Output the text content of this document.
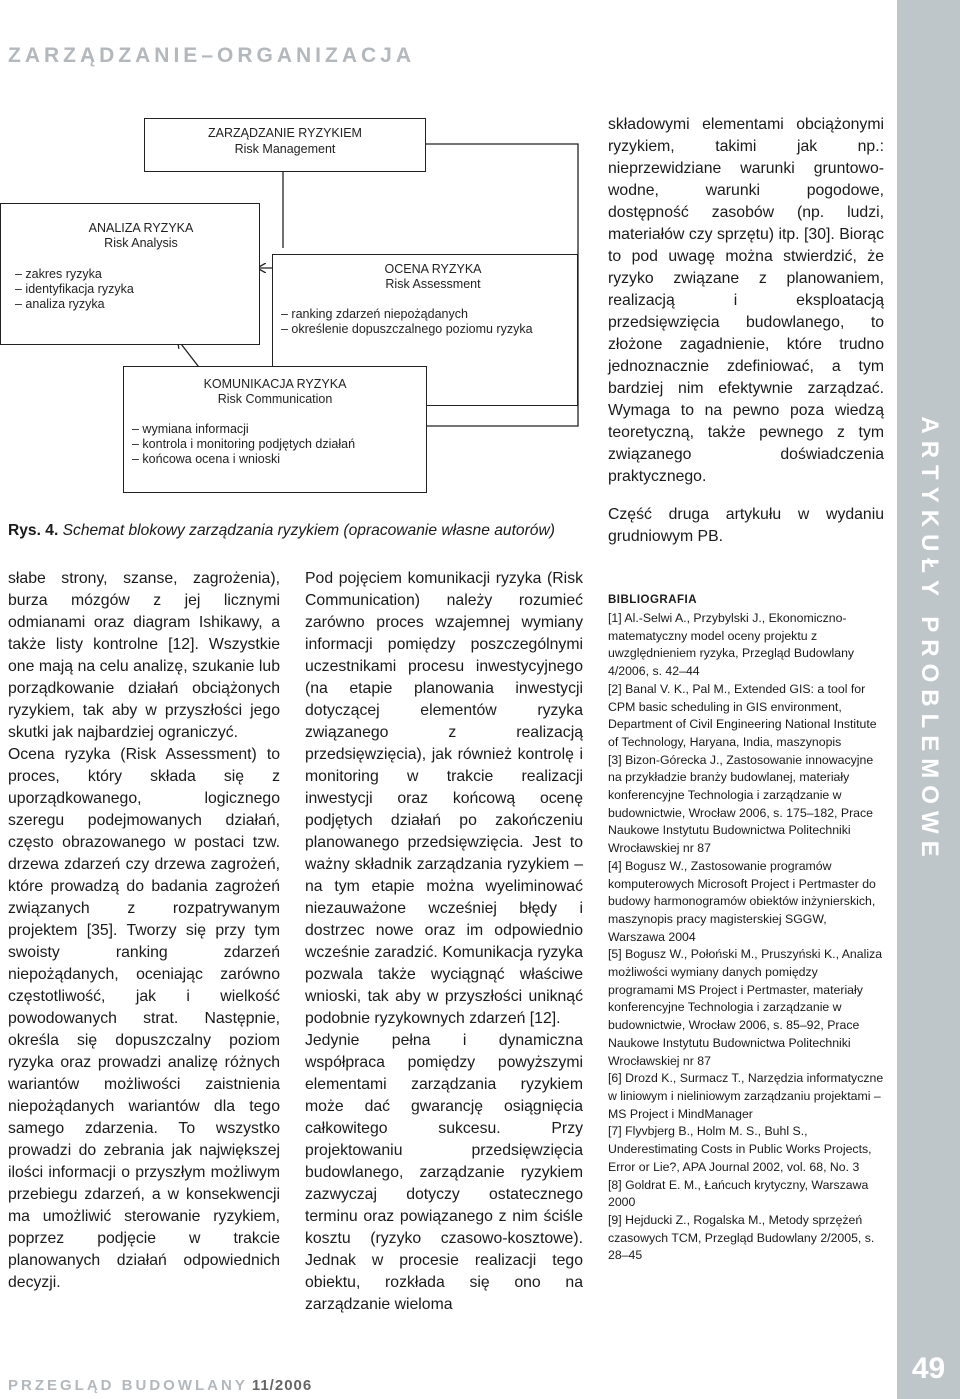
ZARZĄDZANIE–ORGANIZACJA
ZARZĄDZANIE RYZYKIEM
Risk Management
ANALIZA RYZYKA
Risk Analysis
– zakres ryzyka
– identyfikacja ryzyka
– analiza ryzyka
OCENA RYZYKA
Risk Assessment
– ranking zdarzeń niepożądanych
– określenie dopuszczalnego poziomu ryzyka
KOMUNIKACJA RYZYKA
Risk Communication
– wymiana informacji
– kontrola i monitoring podjętych działań
– końcowa ocena i wnioski
Rys. 4. Schemat blokowy zarządzania ryzykiem (opracowanie własne autorów)

słabe strony, szanse, zagrożenia), burza mózgów z jej licznymi odmianami oraz diagram Ishikawy, a także listy kontrolne [12]. Wszystkie one mają na celu analizę, szukanie lub porządkowanie działań obciążonych ryzykiem, tak aby w przyszłości jego skutki jak najbardziej ograniczyć.

Ocena ryzyka (Risk Assessment) to proces, który składa się z uporządkowanego, logicznego szeregu podejmowanych działań, często obrazowanego w postaci tzw. drzewa zdarzeń czy drzewa zagrożeń, które prowadzą do badania zagrożeń związanych z rozpatrywanym projektem [35]. Tworzy się przy tym swoisty ranking zdarzeń niepożądanych, oceniając zarówno częstotliwość, jak i wielkość powodowanych strat. Następnie, określa się dopuszczalny poziom ryzyka oraz prowadzi analizę różnych wariantów możliwości zaistnienia niepożądanych wariantów dla tego samego zdarzenia. To wszystko prowadzi do zebrania jak największej ilości informacji o przyszłym możliwym przebiegu zdarzeń, a w konsekwencji ma umożliwić sterowanie ryzykiem, poprzez podjęcie w trakcie planowanych działań odpowiednich decyzji.

Pod pojęciem komunikacji ryzyka (Risk Communication) należy rozumieć zarówno proces wzajemnej wymiany informacji pomiędzy poszczególnymi uczestnikami procesu inwestycyjnego (na etapie planowania inwestycji dotyczącej elementów ryzyka związanego z realizacją przedsięwzięcia), jak również kontrolę i monitoring w trakcie realizacji inwestycji oraz końcową ocenę podjętych działań po zakończeniu planowanego przedsięwzięcia. Jest to ważny składnik zarządzania ryzykiem – na tym etapie można wyeliminować niezauważone wcześniej błędy i dostrzec nowe oraz im odpowiednio wcześnie zaradzić. Komunikacja ryzyka pozwala także wyciągnąć właściwe wnioski, tak aby w przyszłości uniknąć podobnie ryzykownych zdarzeń [12].

Jedynie pełna i dynamiczna współpraca pomiędzy powyższymi elementami zarządzania ryzykiem może dać gwarancję osiągnięcia całkowitego sukcesu. Przy projektowaniu przedsięwzięcia budowlanego, zarządzanie ryzykiem zazwyczaj dotyczy ostatecznego terminu oraz powiązanego z nim ściśle kosztu (ryzyko czasowo-kosztowe). Jednak w procesie realizacji tego obiektu, rozkłada się ono na zarządzanie wieloma

składowymi elementami obciążonymi ryzykiem, takimi jak np.: nieprzewidziane warunki gruntowo-wodne, warunki pogodowe, dostępność zasobów (np. ludzi, materiałów czy sprzętu) itp. [30]. Biorąc to pod uwagę można stwierdzić, że ryzyko związane z planowaniem, realizacją i eksploatacją przedsięwzięcia budowlanego, to złożone zagadnienie, które trudno jednoznacznie zdefiniować, a tym bardziej nim efektywnie zarządzać. Wymaga to na pewno poza wiedzą teoretyczną, także pewnego z tym związanego doświadczenia praktycznego.

Część druga artykułu w wydaniu grudniowym PB.

BIBLIOGRAFIA
[1] Al.-Selwi A., Przybylski J., Ekonomiczno-matematyczny model oceny projektu z uwzględnieniem ryzyka, Przegląd Budowlany 4/2006, s. 42–44
[2] Banal V. K., Pal M., Extended GIS: a tool for CPM basic scheduling in GIS environment, Department of Civil Engineering National Institute of Technology, Haryana, India, maszynopis
[3] Bizon-Górecka J., Zastosowanie innowacyjne na przykładzie branży budowlanej, materiały konferencyjne Technologia i zarządzanie w budownictwie, Wrocław 2006, s. 175–182, Prace Naukowe Instytutu Budownictwa Politechniki Wrocławskiej nr 87
[4] Bogusz W., Zastosowanie programów komputerowych Microsoft Project i Pertmaster do budowy harmonogramów obiektów inżynierskich, maszynopis pracy magisterskiej SGGW, Warszawa 2004
[5] Bogusz W., Połoński M., Pruszyński K., Analiza możliwości wymiany danych pomiędzy programami MS Project i Pertmaster, materiały konferencyjne Technologia i zarządzanie w budownictwie, Wrocław 2006, s. 85–92, Prace Naukowe Instytutu Budownictwa Politechniki Wrocławskiej nr 87
[6] Drozd K., Surmacz T., Narzędzia informatyczne w liniowym i nieliniowym zarządzaniu projektami – MS Project i MindManager
[7] Flyvbjerg B., Holm M. S., Buhl S., Underestimating Costs in Public Works Projects, Error or Lie?, APA Journal 2002, vol. 68, No. 3
[8] Goldrat E. M., Łańcuch krytyczny, Warszawa 2000
[9] Hejducki Z., Rogalska M., Metody sprzężeń czasowych TCM, Przegląd Budowlany 2/2005, s. 28–45
ARTYKUŁY PROBLEMOWE
49
PRZEGLĄD BUDOWLANY 11/2006
